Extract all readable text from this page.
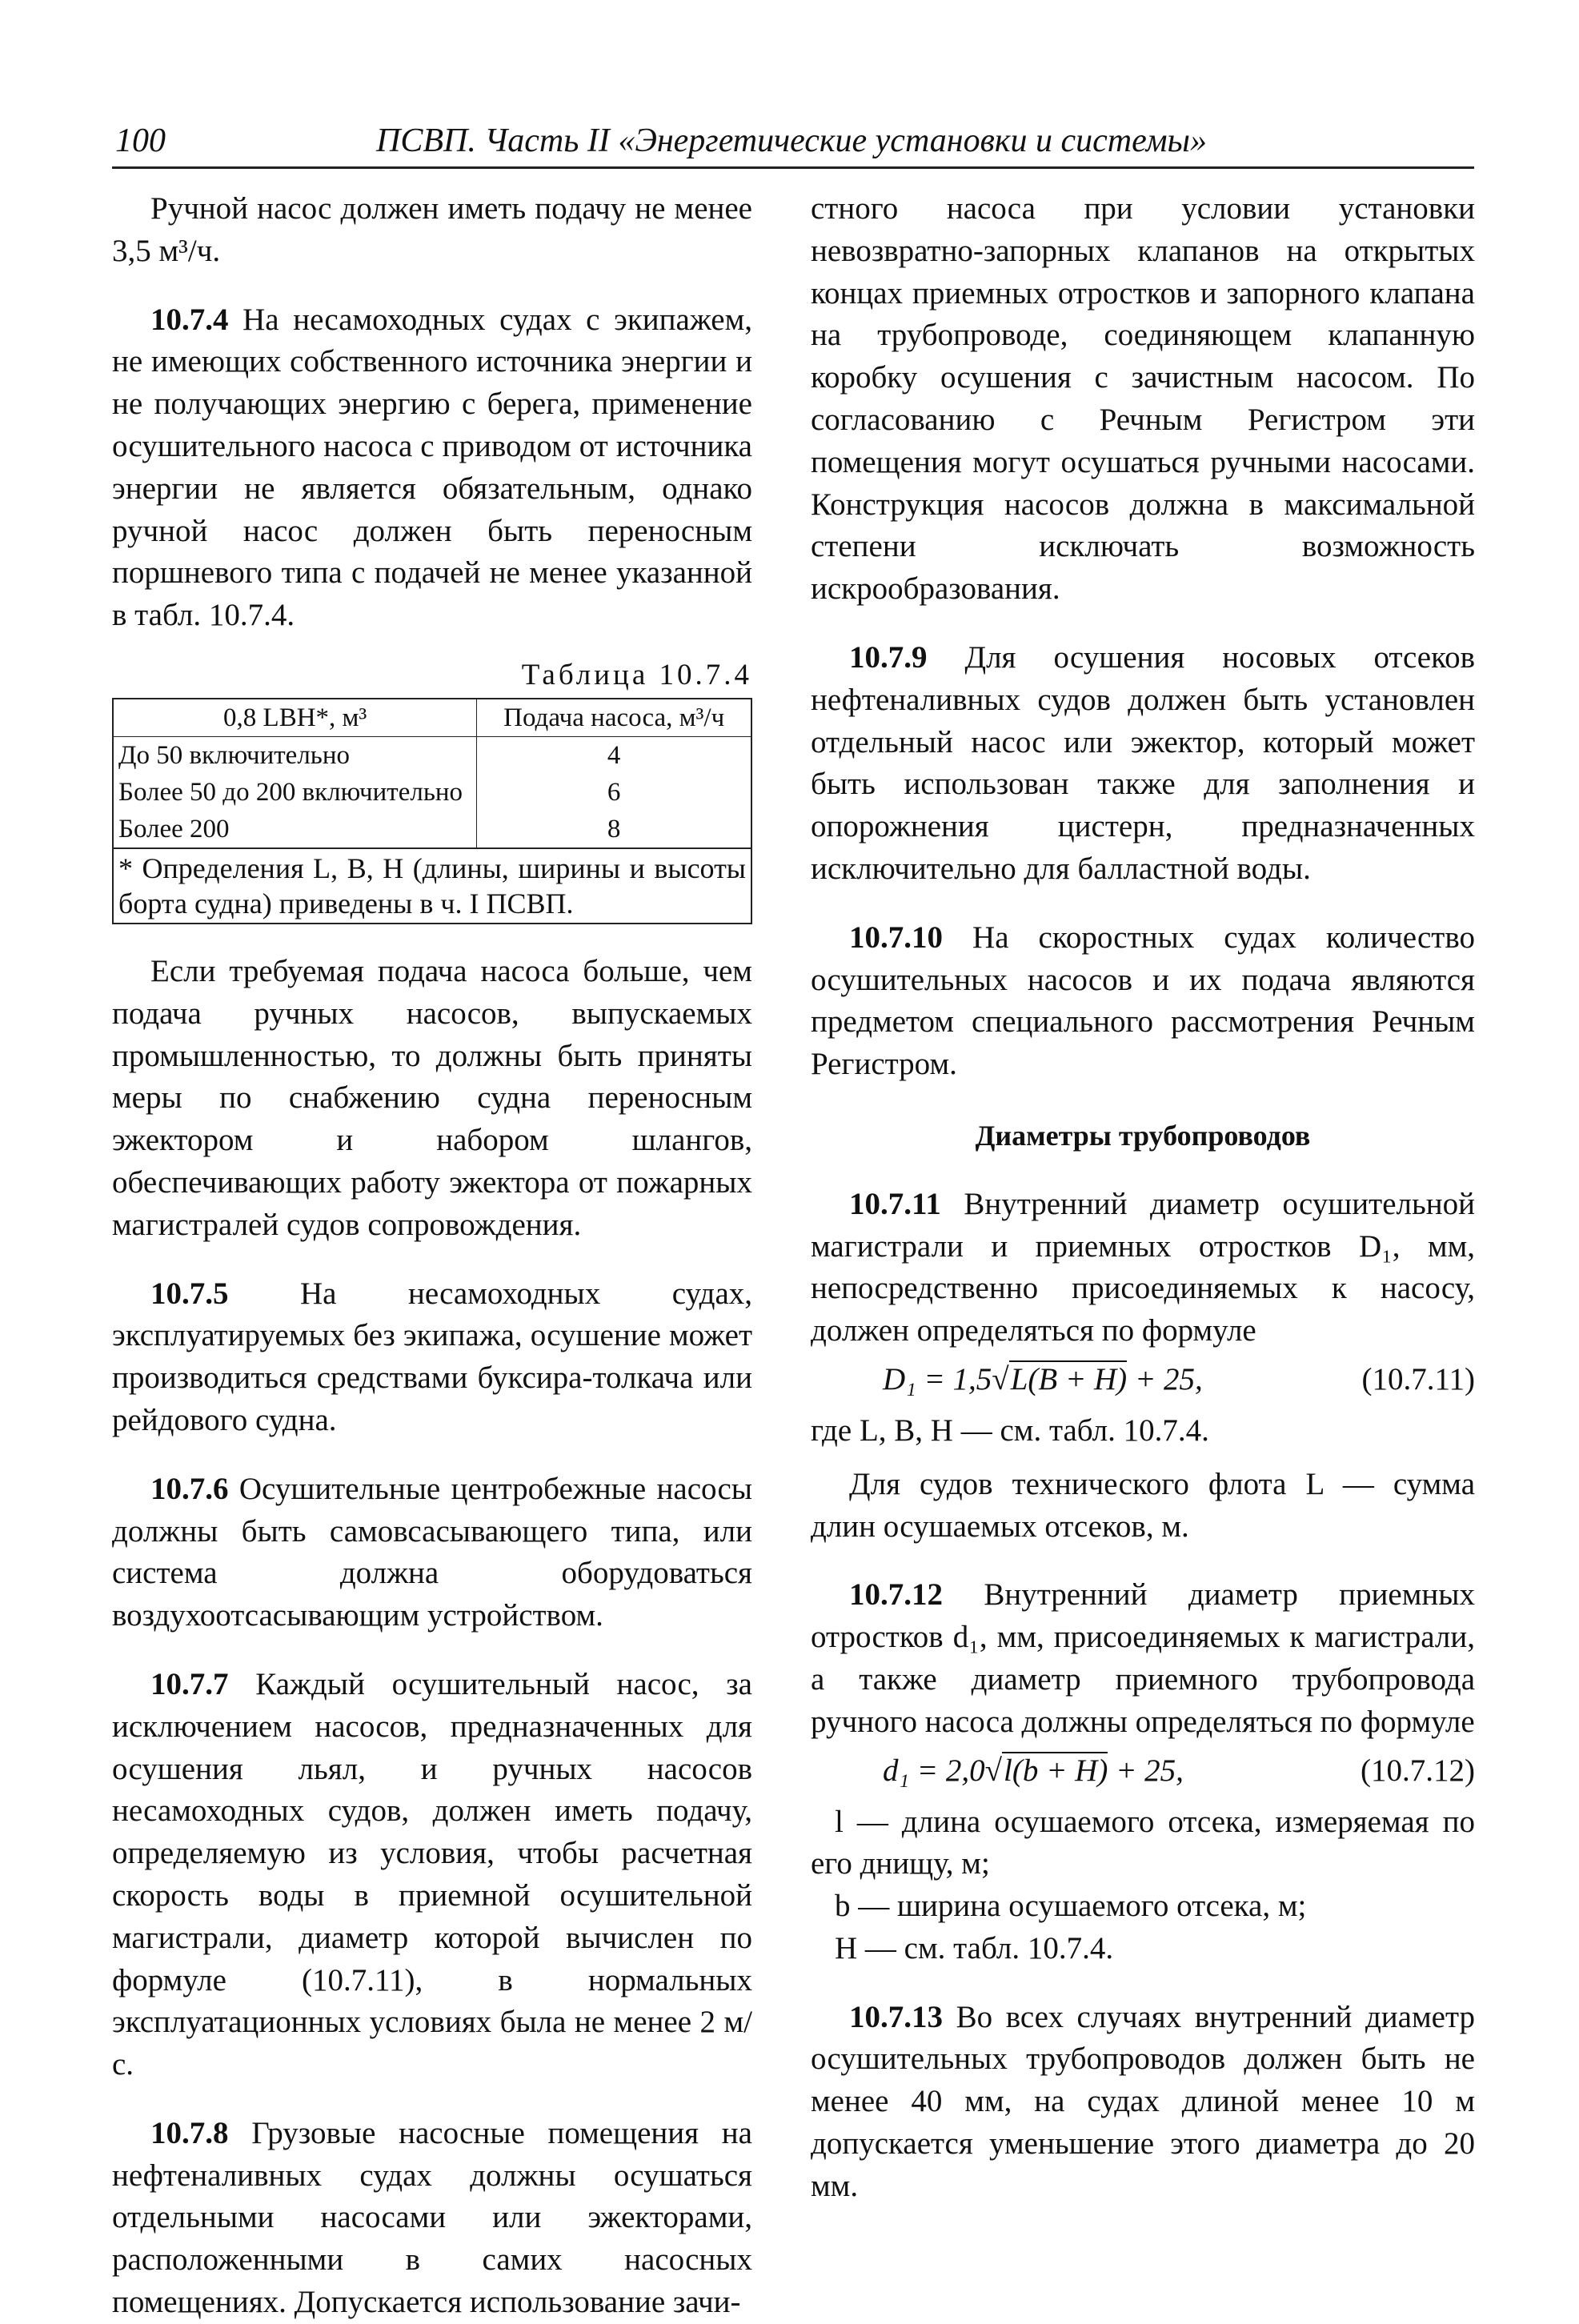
100	ПСВП. Часть II «Энергетические установки и системы»

Ручной насос должен иметь подачу не менее 3,5 м³/ч.

10.7.4 На несамоходных судах с экипажем, не имеющих собственного источника энергии и не получающих энергию с берега, применение осушительного насоса с приводом от источника энергии не является обязательным, однако ручной насос должен быть переносным поршневого типа с подачей не менее указанной в табл. 10.7.4.

Таблица 10.7.4
0,8 LBH*, м³	Подача насоса, м³/ч
До 50 включительно	4
Более 50 до 200 включительно	6
Более 200	8
* Определения L, B, H (длины, ширины и высоты борта судна) приведены в ч. I ПСВП.	

Если требуемая подача насоса больше, чем подача ручных насосов, выпускаемых промышленностью, то должны быть приняты меры по снабжению судна переносным эжектором и набором шлангов, обеспечивающих работу эжектора от пожарных магистралей судов сопровождения.

10.7.5 На несамоходных судах, эксплуатируемых без экипажа, осушение может производиться средствами буксира-толкача или рейдового судна.

10.7.6 Осушительные центробежные насосы должны быть самовсасывающего типа, или система должна оборудоваться воздухоотсасывающим устройством.

10.7.7 Каждый осушительный насос, за исключением насосов, предназначенных для осушения льял, и ручных насосов несамоходных судов, должен иметь подачу, определяемую из условия, чтобы расчетная скорость воды в приемной осушительной магистрали, диаметр которой вычислен по формуле (10.7.11), в нормальных эксплуатационных условиях была не менее 2 м/с.

10.7.8 Грузовые насосные помещения на нефтеналивных судах должны осушаться отдельными насосами или эжекторами, расположенными в самих насосных помещениях. Допускается использование зачи-

стного насоса при условии установки невозвратно-запорных клапанов на открытых концах приемных отростков и запорного клапана на трубопроводе, соединяющем клапанную коробку осушения с зачистным насосом. По согласованию с Речным Регистром эти помещения могут осушаться ручными насосами. Конструкция насосов должна в максимальной степени исключать возможность искрообразования.

10.7.9 Для осушения носовых отсеков нефтеналивных судов должен быть установлен отдельный насос или эжектор, который может быть использован также для заполнения и опорожнения цистерн, предназначенных исключительно для балластной воды.

10.7.10 На скоростных судах количество осушительных насосов и их подача являются предметом специального рассмотрения Речным Регистром.

Диаметры трубопроводов

10.7.11 Внутренний диаметр осушительной магистрали и приемных отростков D₁, мм, непосредственно присоединяемых к насосу, должен определяться по формуле

D₁ = 1,5√L(B + H) + 25,	(10.7.11)

где L, B, H — см. табл. 10.7.4.

Для судов технического флота L — сумма длин осушаемых отсеков, м.

10.7.12 Внутренний диаметр приемных отростков d₁, мм, присоединяемых к магистрали, а также диаметр приемного трубопровода ручного насоса должны определяться по формуле

d₁ = 2,0√l(b + H) + 25,	(10.7.12)

l — длина осушаемого отсека, измеряемая по его днищу, м;

b — ширина осушаемого отсека, м;

H — см. табл. 10.7.4.

10.7.13 Во всех случаях внутренний диаметр осушительных трубопроводов должен быть не менее 40 мм, на судах длиной менее 10 м допускается уменьшение этого диаметра до 20 мм.
